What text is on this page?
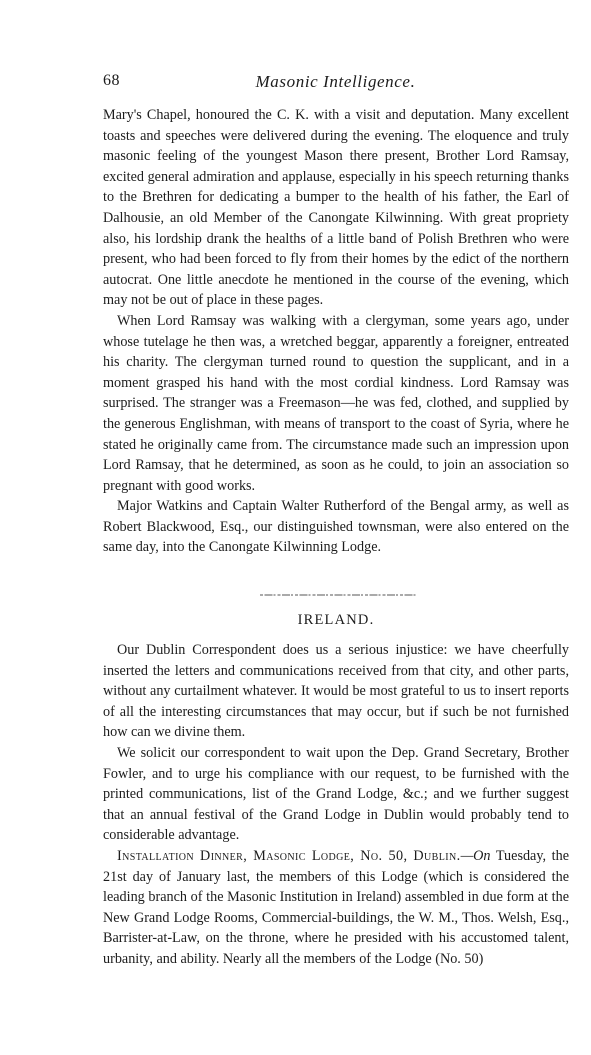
68	Masonic Intelligence.

Mary's Chapel, honoured the C. K. with a visit and deputation. Many excellent toasts and speeches were delivered during the evening. The eloquence and truly masonic feeling of the youngest Mason there present, Brother Lord Ramsay, excited general admiration and applause, especially in his speech returning thanks to the Brethren for dedicating a bumper to the health of his father, the Earl of Dalhousie, an old Member of the Canongate Kilwinning. With great propriety also, his lordship drank the healths of a little band of Polish Brethren who were present, who had been forced to fly from their homes by the edict of the northern autocrat. One little anecdote he mentioned in the course of the evening, which may not be out of place in these pages.

When Lord Ramsay was walking with a clergyman, some years ago, under whose tutelage he then was, a wretched beggar, apparently a foreigner, entreated his charity. The clergyman turned round to question the supplicant, and in a moment grasped his hand with the most cordial kindness. Lord Ramsay was surprised. The stranger was a Freemason—he was fed, clothed, and supplied by the generous Englishman, with means of transport to the coast of Syria, where he stated he originally came from. The circumstance made such an impression upon Lord Ramsay, that he determined, as soon as he could, to join an association so pregnant with good works.

Major Watkins and Captain Walter Rutherford of the Bengal army, as well as Robert Blackwood, Esq., our distinguished townsman, were also entered on the same day, into the Canongate Kilwinning Lodge.

IRELAND.

Our Dublin Correspondent does us a serious injustice: we have cheerfully inserted the letters and communications received from that city, and other parts, without any curtailment whatever. It would be most grateful to us to insert reports of all the interesting circumstances that may occur, but if such be not furnished how can we divine them.

We solicit our correspondent to wait upon the Dep. Grand Secretary, Brother Fowler, and to urge his compliance with our request, to be furnished with the printed communications, list of the Grand Lodge, &c.; and we further suggest that an annual festival of the Grand Lodge in Dublin would probably tend to considerable advantage.

Installation Dinner, Masonic Lodge, No. 50, Dublin.—On Tuesday, the 21st day of January last, the members of this Lodge (which is considered the leading branch of the Masonic Institution in Ireland) assembled in due form at the New Grand Lodge Rooms, Commercial-buildings, the W. M., Thos. Welsh, Esq., Barrister-at-Law, on the throne, where he presided with his accustomed talent, urbanity, and ability. Nearly all the members of the Lodge (No. 50)
